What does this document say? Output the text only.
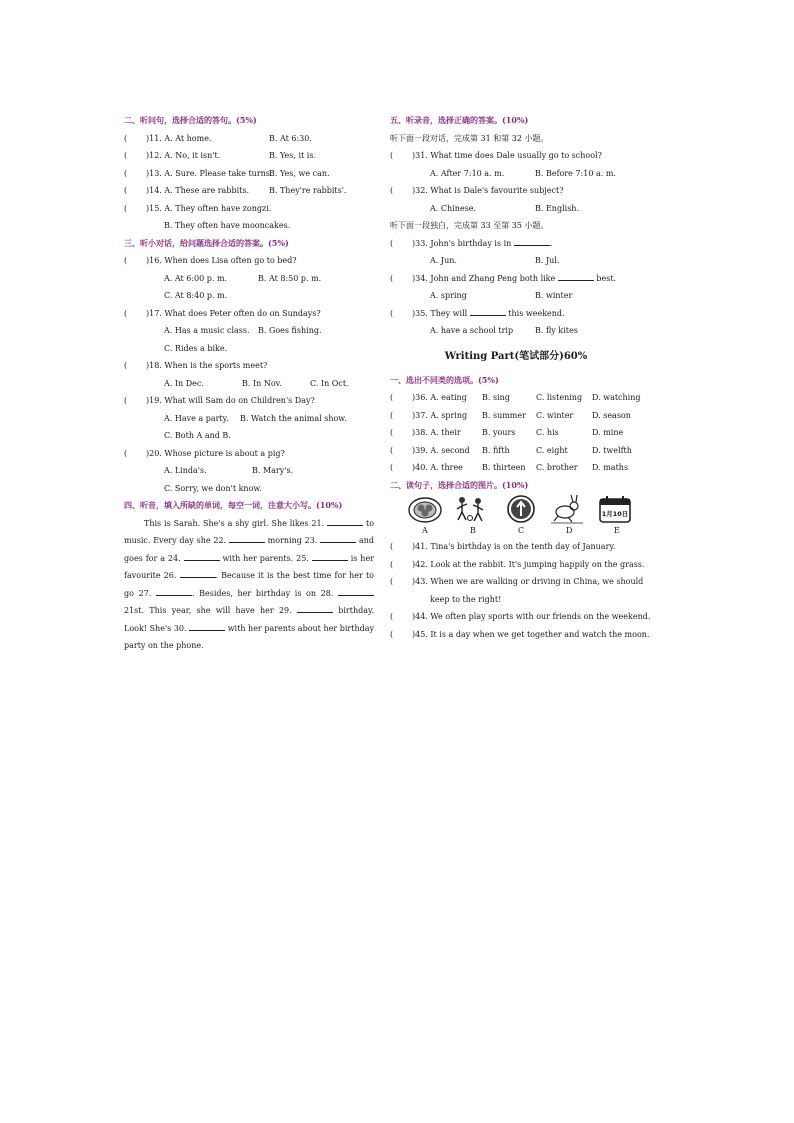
二、听问句，选择合适的答句。(5%)
( )11. A. At home.	B. At 6:30.
( )12. A. No, it isn't.	B. Yes, it is.
( )13. A. Sure. Please take turns.
B. Yes, we can.
( )14. A. These are rabbits.	B. They're rabbits'.
( )15. A. They often have zongzi.
B. They often have mooncakes.
三、听小对话，给问题选择合适的答案。(5%)
( )16. When does Lisa often go to bed?
A. At 6:00 p. m.	B. At 8:50 p. m.
C. At 8:40 p. m.
( )17. What does Peter often do on Sundays?
A. Has a music class. B. Goes fishing.
C. Rides a bike.
( )18. When is the sports meet?
A. In Dec.	B. In Nov.	C. In Oct.
( )19. What will Sam do on Children's Day?
A. Have a party. B. Watch the animal show.
C. Both A and B.
( )20. Whose picture is about a pig?
A. Linda's.	B. Mary's.
C. Sorry, we don't know.
四、听音，填入所缺的单词，每空一词，注意大小写。(10%)
This is Sarah. She's a shy girl. She likes 21.	to music. Every day she 22.	morning 23.	and goes for a 24.	with her parents. 25.	is her favourite 26.	. Because it is the best time for her to go 27.	. Besides, her birthday is on 28.  21st. This year, she will have her 29.	birthday. Look! She's 30.	with her parents about her birthday party on the phone.
五、听录音，选择正确的答案。(10%)
听下面一段对话，完成第 31 和第 32 小题。
( )31. What time does Dale usually go to school?
A. After 7:10 a. m.	B. Before 7:10 a. m.
( )32. What is Dale's favourite subject?
A. Chinese.	B. English.
听下面一段独白，完成第 33 至第 35 小题。
( )33. John's birthday is in	.
A. Jun.	B. Jul.
( )34. John and Zhang Peng both like	best.
A. spring	B. winter
( )35. They will	this weekend.
A. have a school trip	B. fly kites
Writing Part(笔试部分)60%
一、选出不同类的选项。(5%)
( )36. A. eating B. sing	C. listening D. watching
( )37. A. spring B. summer C. winter D. season
( )38. A. their	B. yours	C. his	D. mine
( )39. A. second B. fifth	C. eight	D. twelfth
( )40. A. three B. thirteen C. brother D. maths
二、读句子，选择合适的图片。(10%)
1月10日
A	B	C	D	E
( )41. Tina's birthday is on the tenth day of January.
( )42. Look at the rabbit. It's jumping happily on the grass.
( )43. When we are walking or driving in China, we should
keep to the right!
( )44. We often play sports with our friends on the weekend.
( )45. It is a day when we get together and watch the moon.
